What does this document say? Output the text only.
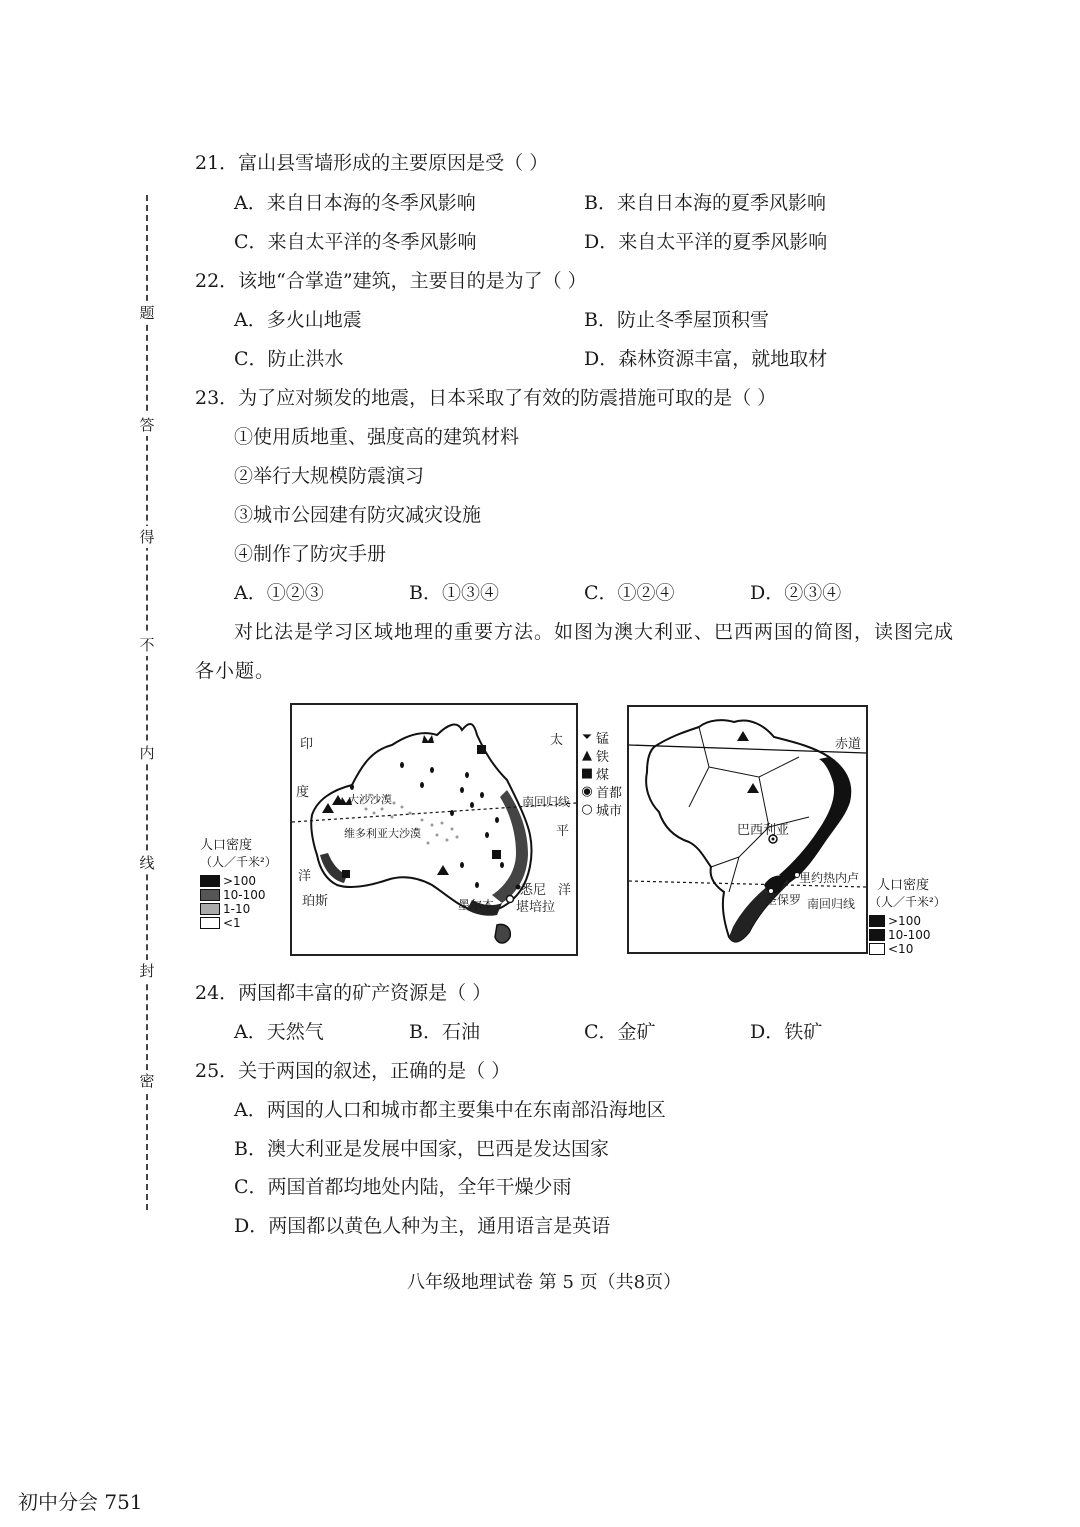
题
答
得
不
内
线
封
密
21．富山县雪墙形成的主要原因是受（ ）
A．来自日本海的冬季风影响	B．来自日本海的夏季风影响
C．来自太平洋的冬季风影响	D．来自太平洋的夏季风影响
22．该地“合掌造”建筑，主要目的是为了（ ）
A．多火山地震	B．防止冬季屋顶积雪
C．防止洪水	D．森林资源丰富，就地取材
23．为了应对频发的地震，日本采取了有效的防震措施可取的是（ ）
①使用质地重、强度高的建筑材料
②举行大规模防震演习
③城市公园建有防灾减灾设施
④制作了防灾手册
A．①②③	B．①③④	C．①②④	D．②③④
对比法是学习区域地理的重要方法。如图为澳大利亚、巴西两国的简图，读图完成
各小题。
人口密度
（人／千米²）
>100
10-100
1-10
<1
印
度
洋
太
平
洋
大沙沙漠
维多利亚大沙漠
南回归线
珀斯
悉尼
堪培拉
墨尔本
⏷ 锰
▲ 铁
■ 煤
◉ 首都
○ 城市
赤道
巴西利亚
里约热内卢
圣保罗 南回归线
人口密度
（人／千米²）
>100
10-100
<10
24．两国都丰富的矿产资源是（ ）
A．天然气	B．石油	C．金矿	D．铁矿
25．关于两国的叙述，正确的是（ ）
A．两国的人口和城市都主要集中在东南部沿海地区
B．澳大利亚是发展中国家，巴西是发达国家
C．两国首都均地处内陆，全年干燥少雨
D．两国都以黄色人种为主，通用语言是英语
八年级地理试卷 第 5 页（共8页）
初中分会 751
